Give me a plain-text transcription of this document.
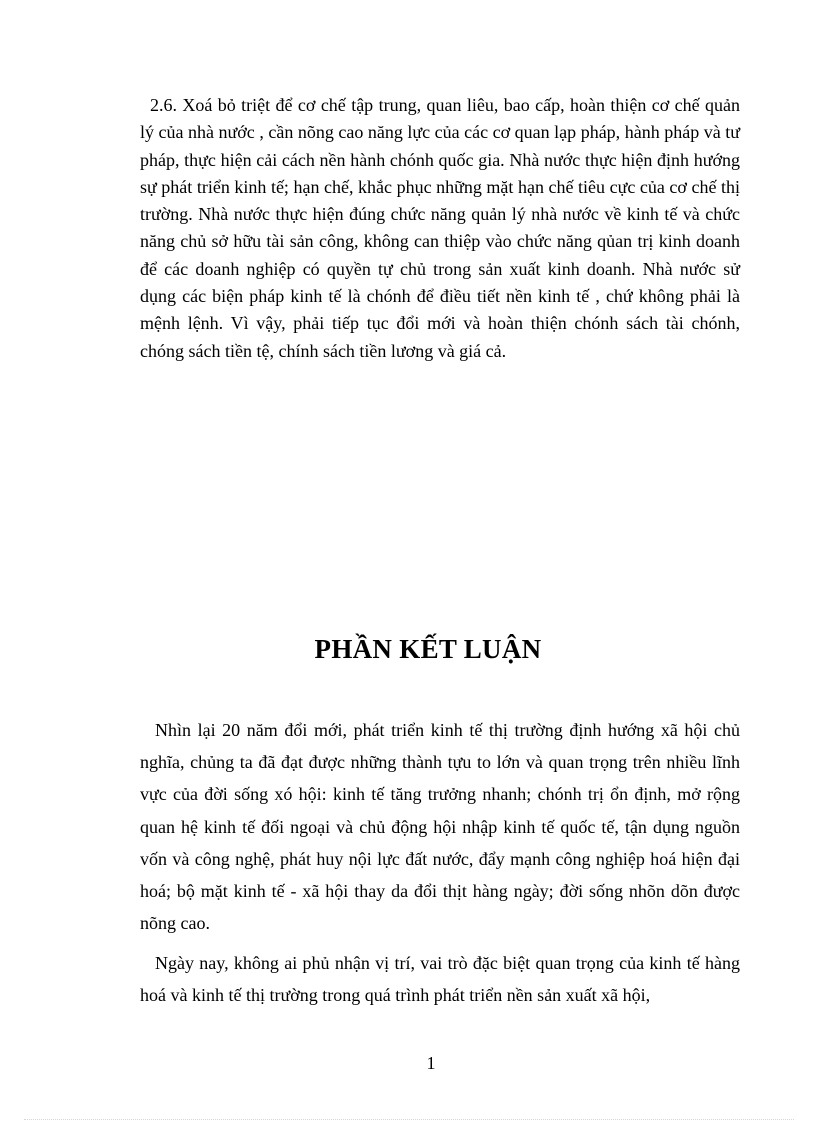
2.6. Xoá bỏ triệt để cơ chế tập trung, quan liêu, bao cấp, hoàn thiện cơ chế quản lý của nhà nước , cần nõng cao năng lực của các cơ quan lạp pháp, hành pháp và tư pháp, thực hiện cải cách nền hành chónh quốc gia. Nhà nước thực hiện định hướng sự phát triển kinh tế; hạn chế, khắc phục những mặt hạn chế tiêu cực của cơ chế thị trường. Nhà nước thực hiện đúng chức năng quản lý nhà nước về kinh tế và chức năng chủ sở hữu tài sản công, không can thiệp vào chức năng qủan trị kinh doanh để các doanh nghiệp có quyền tự chủ trong sản xuất kinh doanh. Nhà nước sử dụng các biện pháp kinh tế là chónh để điều tiết nền kinh tế , chứ không phải là mệnh lệnh. Vì vậy, phải tiếp tục đổi mới và hoàn thiện chónh sách tài chónh, chóng sách tiền tệ, chính sách tiền lương và giá cả.

PHẦN KẾT LUẬN

Nhìn lại 20 năm đổi mới, phát triển kinh tế thị trường định hướng xã hội chủ nghĩa, chủng ta đã đạt được những thành tựu to lớn và quan trọng trên nhiều lĩnh vực của đời sống xó hội: kinh tế tăng trưởng nhanh; chónh trị ổn định, mở rộng quan hệ kinh tế đối ngoại và chủ động hội nhập kinh tế quốc tế, tận dụng nguồn vốn và công nghệ, phát huy nội lực đất nước, đẩy mạnh công nghiệp hoá hiện đại hoá; bộ mặt kinh tế - xã hội thay da đổi thịt hàng ngày; đời sống nhõn dõn được nõng cao.

Ngày nay, không ai phủ nhận vị trí, vai trò đặc biệt quan trọng của kinh tế hàng hoá và kinh tế thị trường trong quá trình phát triển nền sản xuất xã hội,

1
